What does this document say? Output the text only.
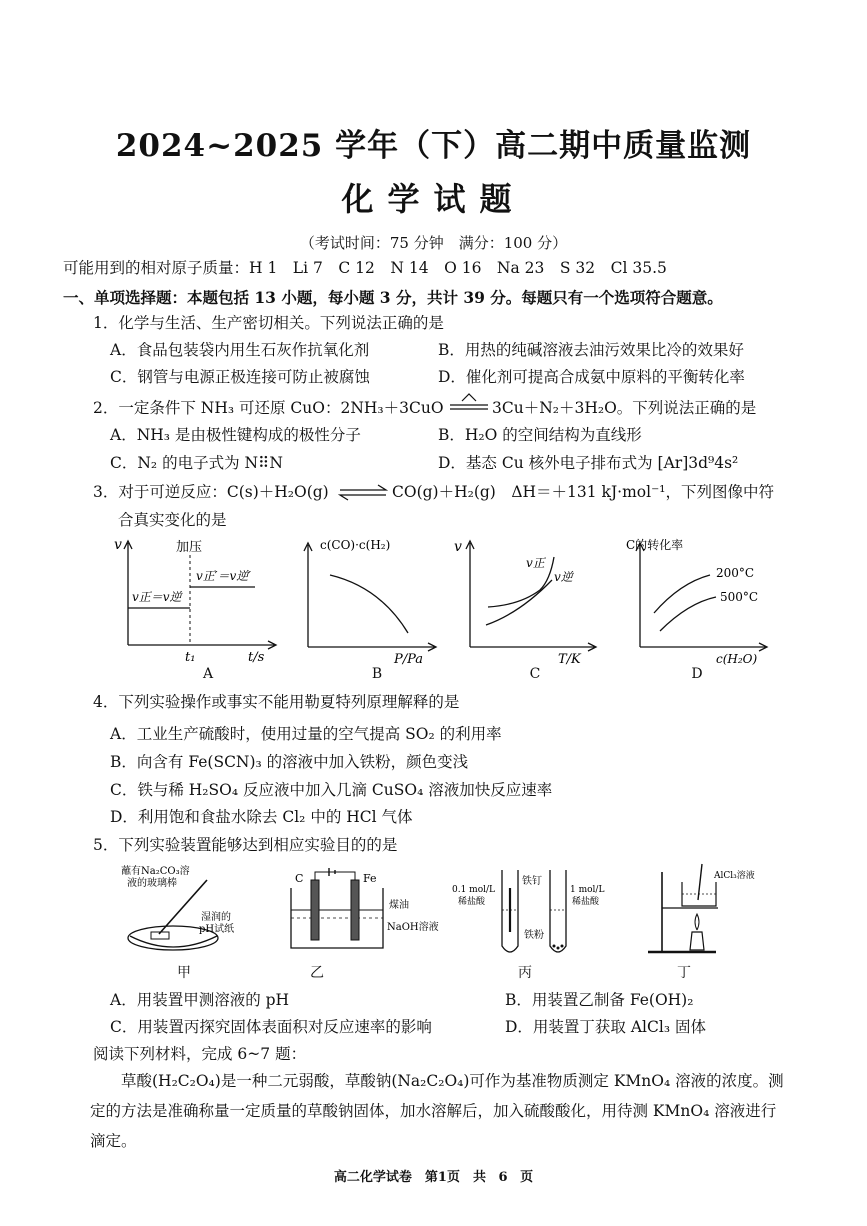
2024~2025 学年（下）高二期中质量监测
化学试题
（考试时间：75 分钟　满分：100 分）
可能用到的相对原子质量：H 1　Li 7　C 12　N 14　O 16　Na 23　S 32　Cl 35.5
一、单项选择题：本题包括 13 小题，每小题 3 分，共计 39 分。每题只有一个选项符合题意。
1．化学与生活、生产密切相关。下列说法正确的是
A．食品包装袋内用生石灰作抗氧化剂	B．用热的纯碱溶液去油污效果比冷的效果好
C．钢管与电源正极连接可防止被腐蚀	D．催化剂可提高合成氨中原料的平衡转化率
2．一定条件下 NH₃ 可还原 CuO：2NH₃＋3CuO	3Cu＋N₂＋3H₂O。下列说法正确的是
A．NH₃ 是由极性键构成的极性分子	B．H₂O 的空间结构为直线形
C．N₂ 的电子式为 N⠿N	D．基态 Cu 核外电子排布式为 [Ar]3d⁹4s²
3．对于可逆反应：C(s)＋H₂O(g) ⇌ CO(g)＋H₂(g)　ΔH＝＋131 kJ·mol⁻¹，下列图像中符
合真实变化的是
v	加压
v正′＝v逆′
v正＝v逆
t₁	t/s
A
c(CO)·c(H₂)
P/Pa
B
v
v正
v逆
T/K
C
C的转化率
200°C
500°C
c(H₂O)
D
4．下列实验操作或事实不能用勒夏特列原理解释的是
A．工业生产硫酸时，使用过量的空气提高 SO₂ 的利用率
B．向含有 Fe(SCN)₃ 的溶液中加入铁粉，颜色变浅
C．铁与稀 H₂SO₄ 反应液中加入几滴 CuSO₄ 溶液加快反应速率
D．利用饱和食盐水除去 Cl₂ 中的 HCl 气体
5．下列实验装置能够达到相应实验目的的是
蘸有Na₂CO₃溶
液的玻璃棒
湿润的
pH试纸
甲
C	Fe
煤油
NaOH溶液
乙
0.1 mol/L
稀盐酸
铁钉
铁粉
1 mol/L
稀盐酸
丙
AlCl₃溶液
丁
A．用装置甲测溶液的 pH	B．用装置乙制备 Fe(OH)₂
C．用装置丙探究固体表面积对反应速率的影响	D．用装置丁获取 AlCl₃ 固体
阅读下列材料，完成 6~7 题：
草酸(H₂C₂O₄)是一种二元弱酸，草酸钠(Na₂C₂O₄)可作为基准物质测定 KMnO₄ 溶液的浓度。测定的方法是准确称量一定质量的草酸钠固体，加水溶解后，加入硫酸酸化，用待测 KMnO₄ 溶液进行滴定。
高二化学试卷　第1页　共 6 页
